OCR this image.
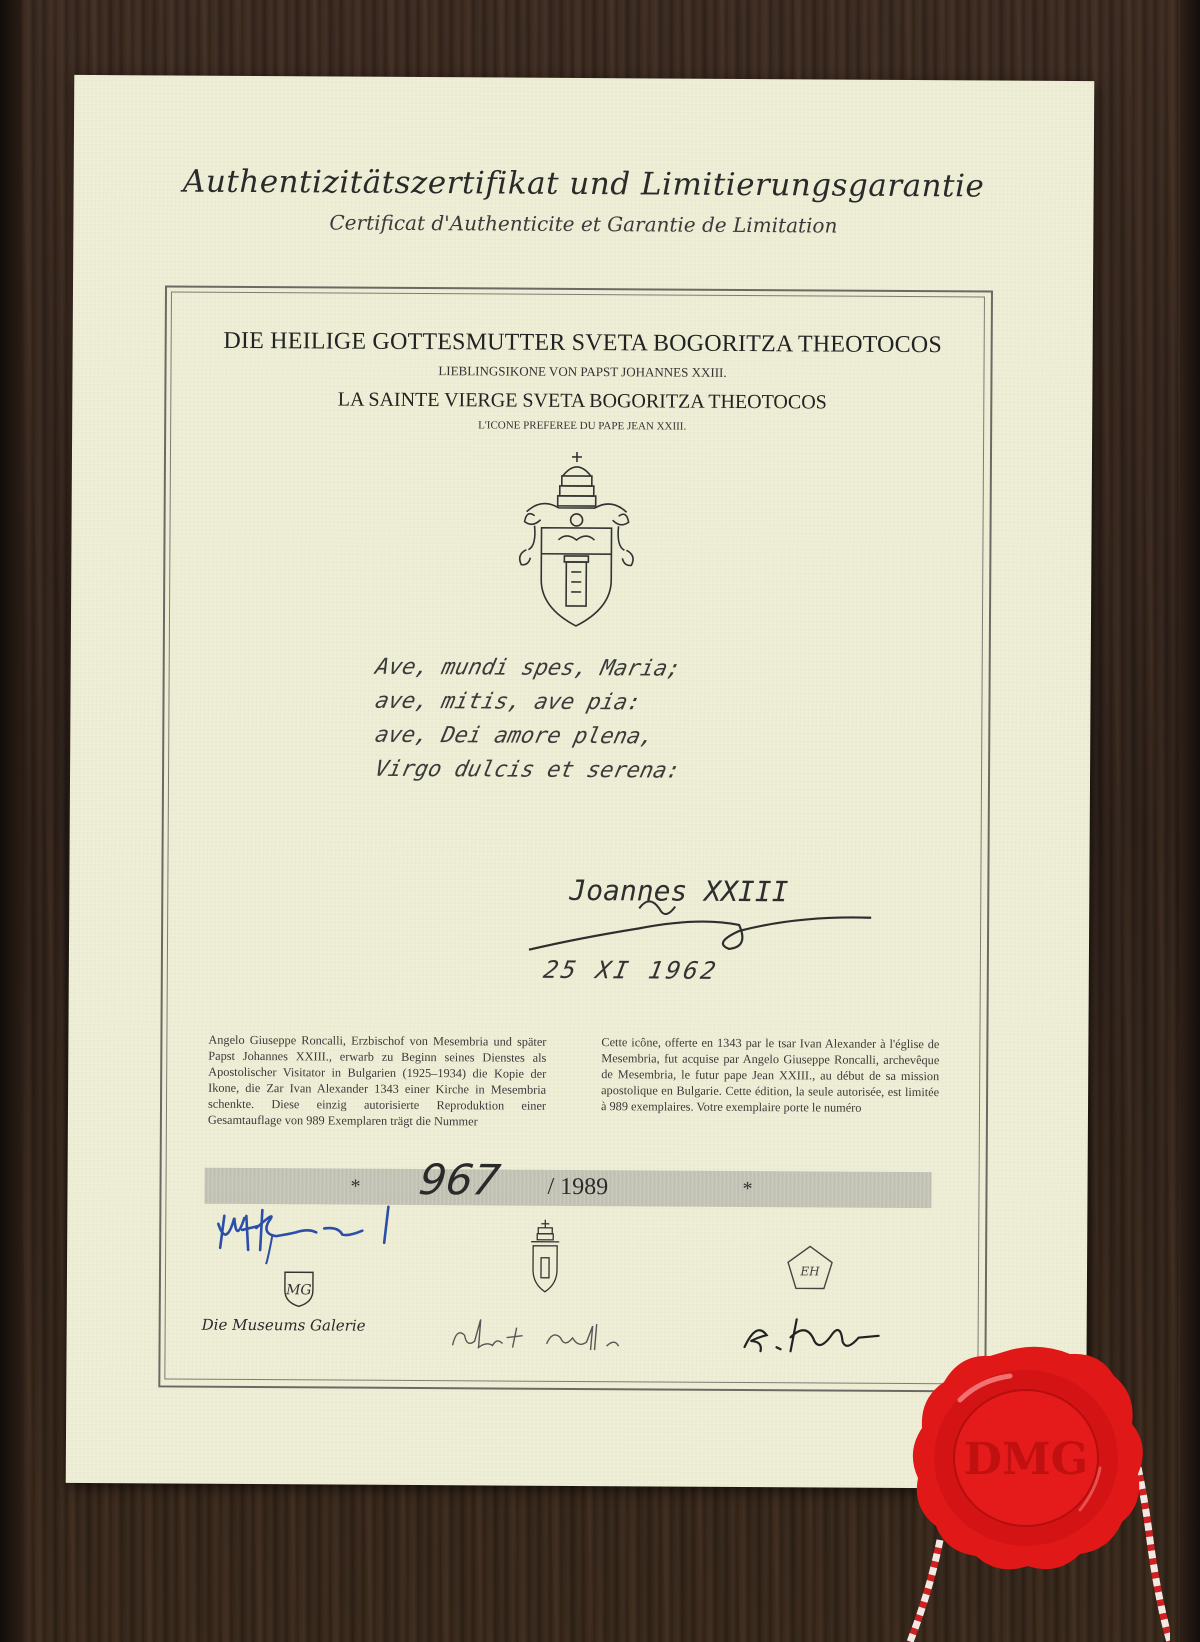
Authentizitätszertifikat und Limitierungsgarantie
Certificat d'Authenticite et Garantie de Limitation
DIE HEILIGE GOTTESMUTTER SVETA BOGORITZA THEOTOCOS
LIEBLINGSIKONE VON PAPST JOHANNES XXIII.
LA SAINTE VIERGE SVETA BOGORITZA THEOTOCOS
L'ICONE PREFEREE DU PAPE JEAN XXIII.
Ave, mundi spes, Maria;
ave, mitis, ave pia:
ave, Dei amore plena,
Virgo dulcis et serena:
Joannes XXIII
25 XI 1962
Angelo Giuseppe Roncalli, Erzbischof von Mesembria und später Papst Johannes XXIII., erwarb zu Beginn seines Dienstes als Apostolischer Visitator in Bulgarien (1925–1934) die Kopie der Ikone, die Zar Ivan Alexander 1343 einer Kirche in Mesembria schenkte. Diese einzig autorisierte Reproduktion einer Gesamtauflage von 989 Exemplaren trägt die Nummer
Cette icône, offerte en 1343 par le tsar Ivan Alexander à l'église de Mesembria, fut acquise par Angelo Giuseppe Roncalli, archevêque de Mesembria, le futur pape Jean XXIII., au début de sa mission apostolique en Bulgarie. Cette édition, la seule autorisée, est limitée à 989 exemplaires. Votre exemplaire porte le numéro
*	*
967 / 1989
MG
Die Museums Galerie
EH
DMG
